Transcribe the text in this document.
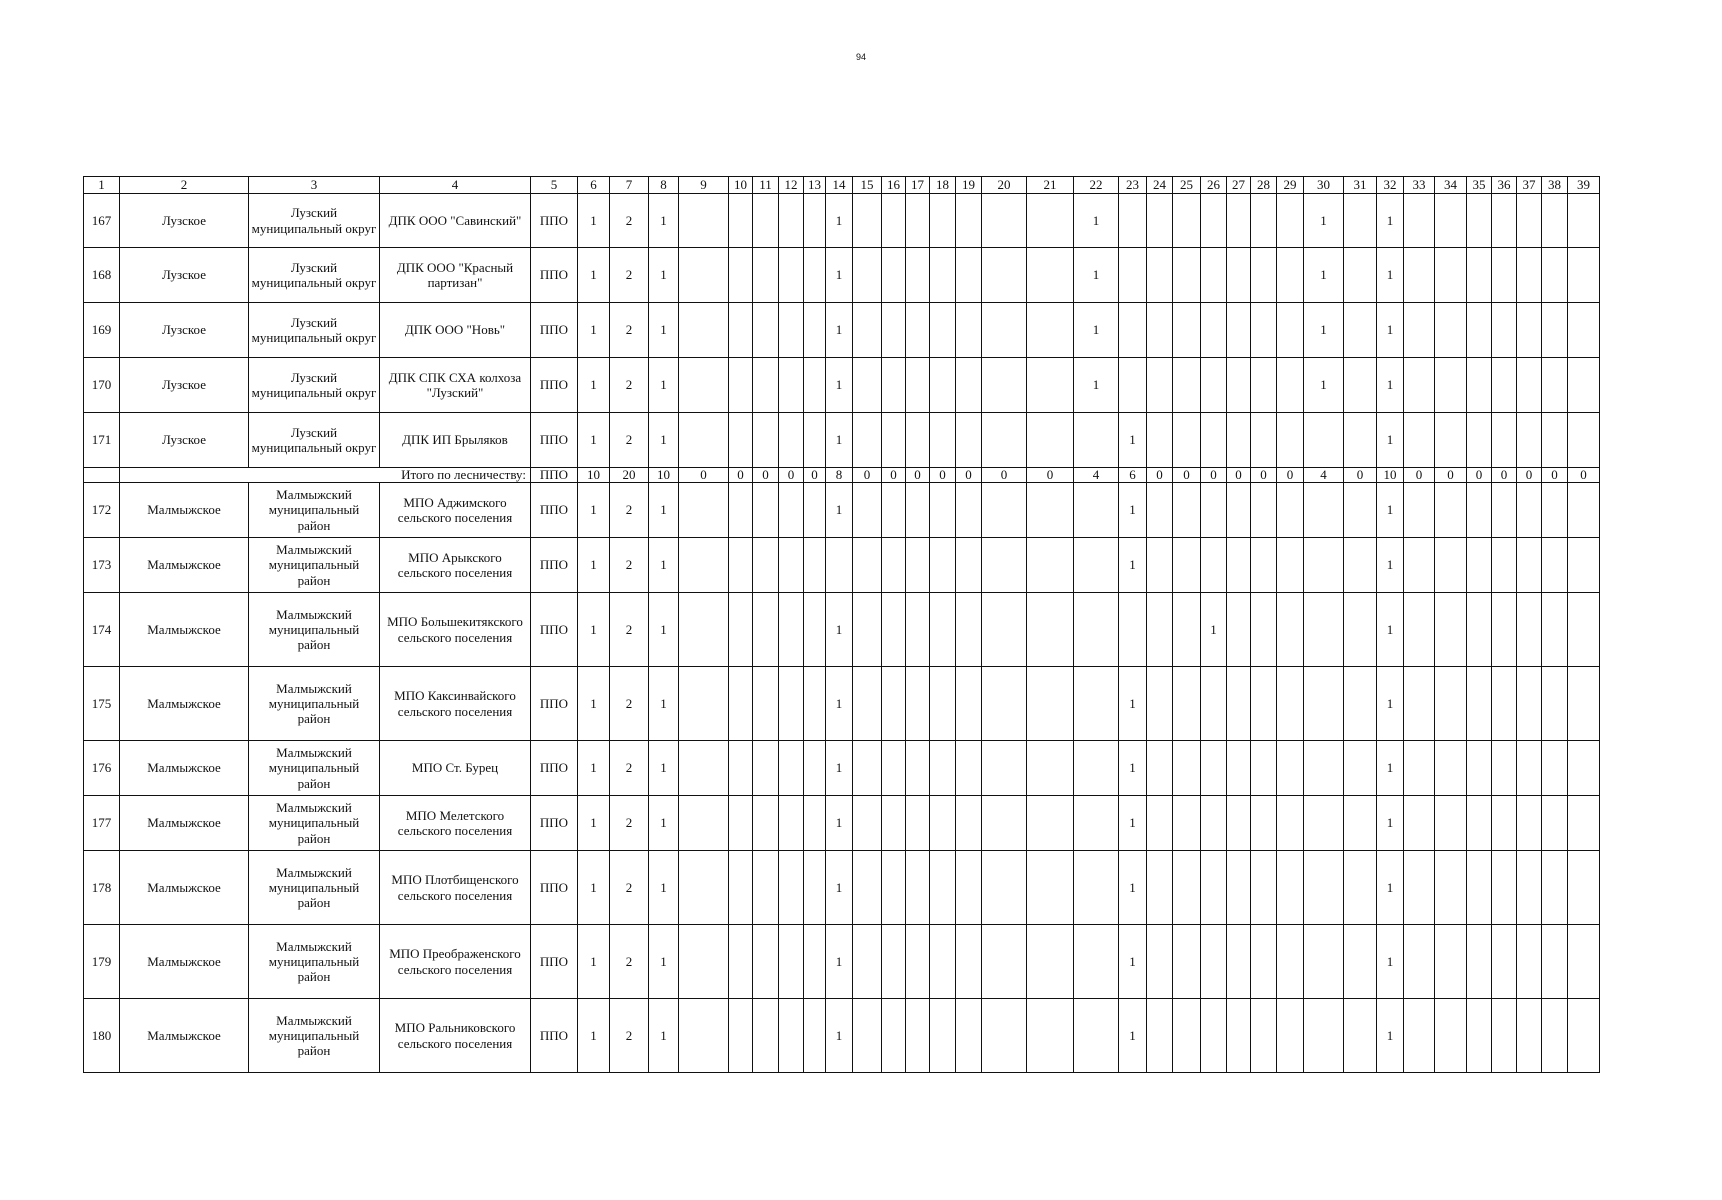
94
1	2	3	4	5	6	7	8	9	10	11	12	13	14	15	16	17	18	19	20	21	22	23	24	25	26	27	28	29	30	31	32	33	34	35	36	37	38	39
167	Лузское	Лузский муниципальный округ	ДПК ООО "Савинский"	ППО	1	2	1						1								1								1		1							
168	Лузское	Лузский муниципальный округ	ДПК ООО "Красный партизан"	ППО	1	2	1						1								1								1		1							
169	Лузское	Лузский муниципальный округ	ДПК ООО "Новь"	ППО	1	2	1						1								1								1		1							
170	Лузское	Лузский муниципальный округ	ДПК СПК СХА колхоза "Лузский"	ППО	1	2	1						1								1								1		1							
171	Лузское	Лузский муниципальный округ	ДПК ИП Брыляков	ППО	1	2	1						1									1									1							
	Итого по лесничеству:			ППО	10	20	10	0	0	0	0	0	8	0	0	0	0	0	0	0	4	6	0	0	0	0	0	0	4	0	10	0	0	0	0	0	0	0
172	Малмыжское	Малмыжский муниципальный район	МПО Аджимского сельского поселения	ППО	1	2	1						1									1									1							
173	Малмыжское	Малмыжский муниципальный район	МПО Арыкского сельского поселения	ППО	1	2	1															1									1							
174	Малмыжское	Малмыжский муниципальный район	МПО Большекитякского сельского поселения	ППО	1	2	1						1												1						1							
175	Малмыжское	Малмыжский муниципальный район	МПО Каксинвайского сельского поселения	ППО	1	2	1						1									1									1							
176	Малмыжское	Малмыжский муниципальный район	МПО Ст. Бурец	ППО	1	2	1						1									1									1							
177	Малмыжское	Малмыжский муниципальный район	МПО Мелетского сельского поселения	ППО	1	2	1						1									1									1							
178	Малмыжское	Малмыжский муниципальный район	МПО Плотбищенского сельского поселения	ППО	1	2	1						1									1									1							
179	Малмыжское	Малмыжский муниципальный район	МПО Преображенского сельского поселения	ППО	1	2	1						1									1									1							
180	Малмыжское	Малмыжский муниципальный район	МПО Ральниковского сельского поселения	ППО	1	2	1						1									1									1							
